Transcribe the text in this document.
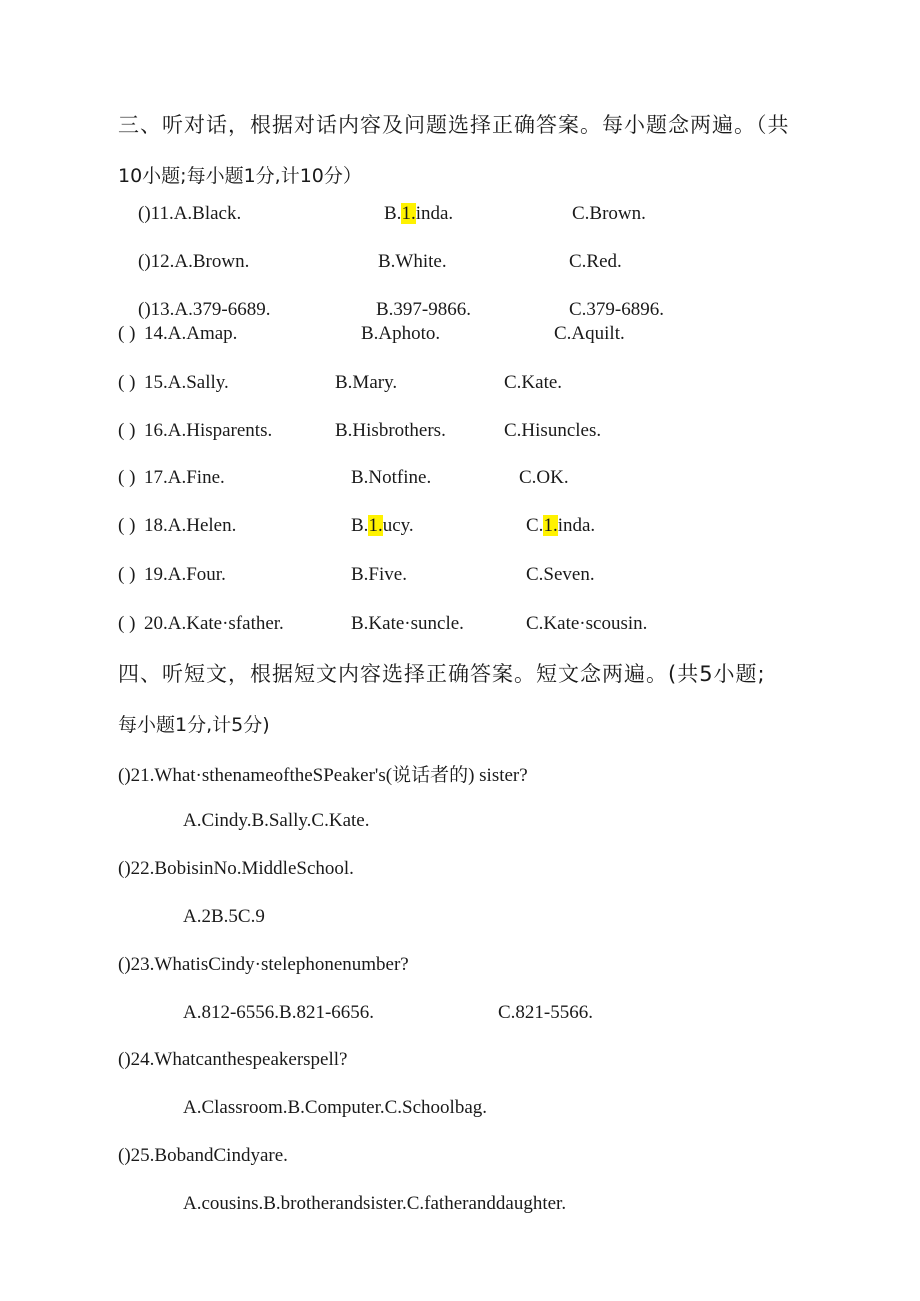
三、听对话，根据对话内容及问题选择正确答案。每小题念两遍。（共
10小题;每小题1分,计10分）
()11.A.Black.	B.1.inda.	C.Brown.
()12.A.Brown.	B.White.	C.Red.
()13.A.379-6689.	B.397-9866.	C.379-6896.
( ) 14.A.Amap.	B.Aphoto.	C.Aquilt.
( ) 15.A.Sally.	B.Mary.	C.Kate.
( ) 16.A.Hisparents.	B.Hisbrothers.	C.Hisuncles.
( ) 17.A.Fine.	B.Notfine.	C.OK.
( ) 18.A.Helen.	B.1.ucy.	C.1.inda.
( ) 19.A.Four.	B.Five.	C.Seven.
( ) 20.A.Kate·sfather.	B.Kate·suncle.	C.Kate·scousin.
四、听短文，根据短文内容选择正确答案。短文念两遍。(共5小题;
每小题1分,计5分)
()21.What·sthenameoftheSPeaker's(说话者的) sister?
A.Cindy.B.Sally.C.Kate.
()22.BobisinNo.MiddleSchool.
A.2B.5C.9
()23.WhatisCindy·stelephonenumber?
A.812-6556.B.821-6656.	C.821-5566.
()24.Whatcanthespeakerspell?
A.Classroom.B.Computer.C.Schoolbag.
()25.BobandCindyare.
A.cousins.B.brotherandsister.C.fatheranddaughter.
